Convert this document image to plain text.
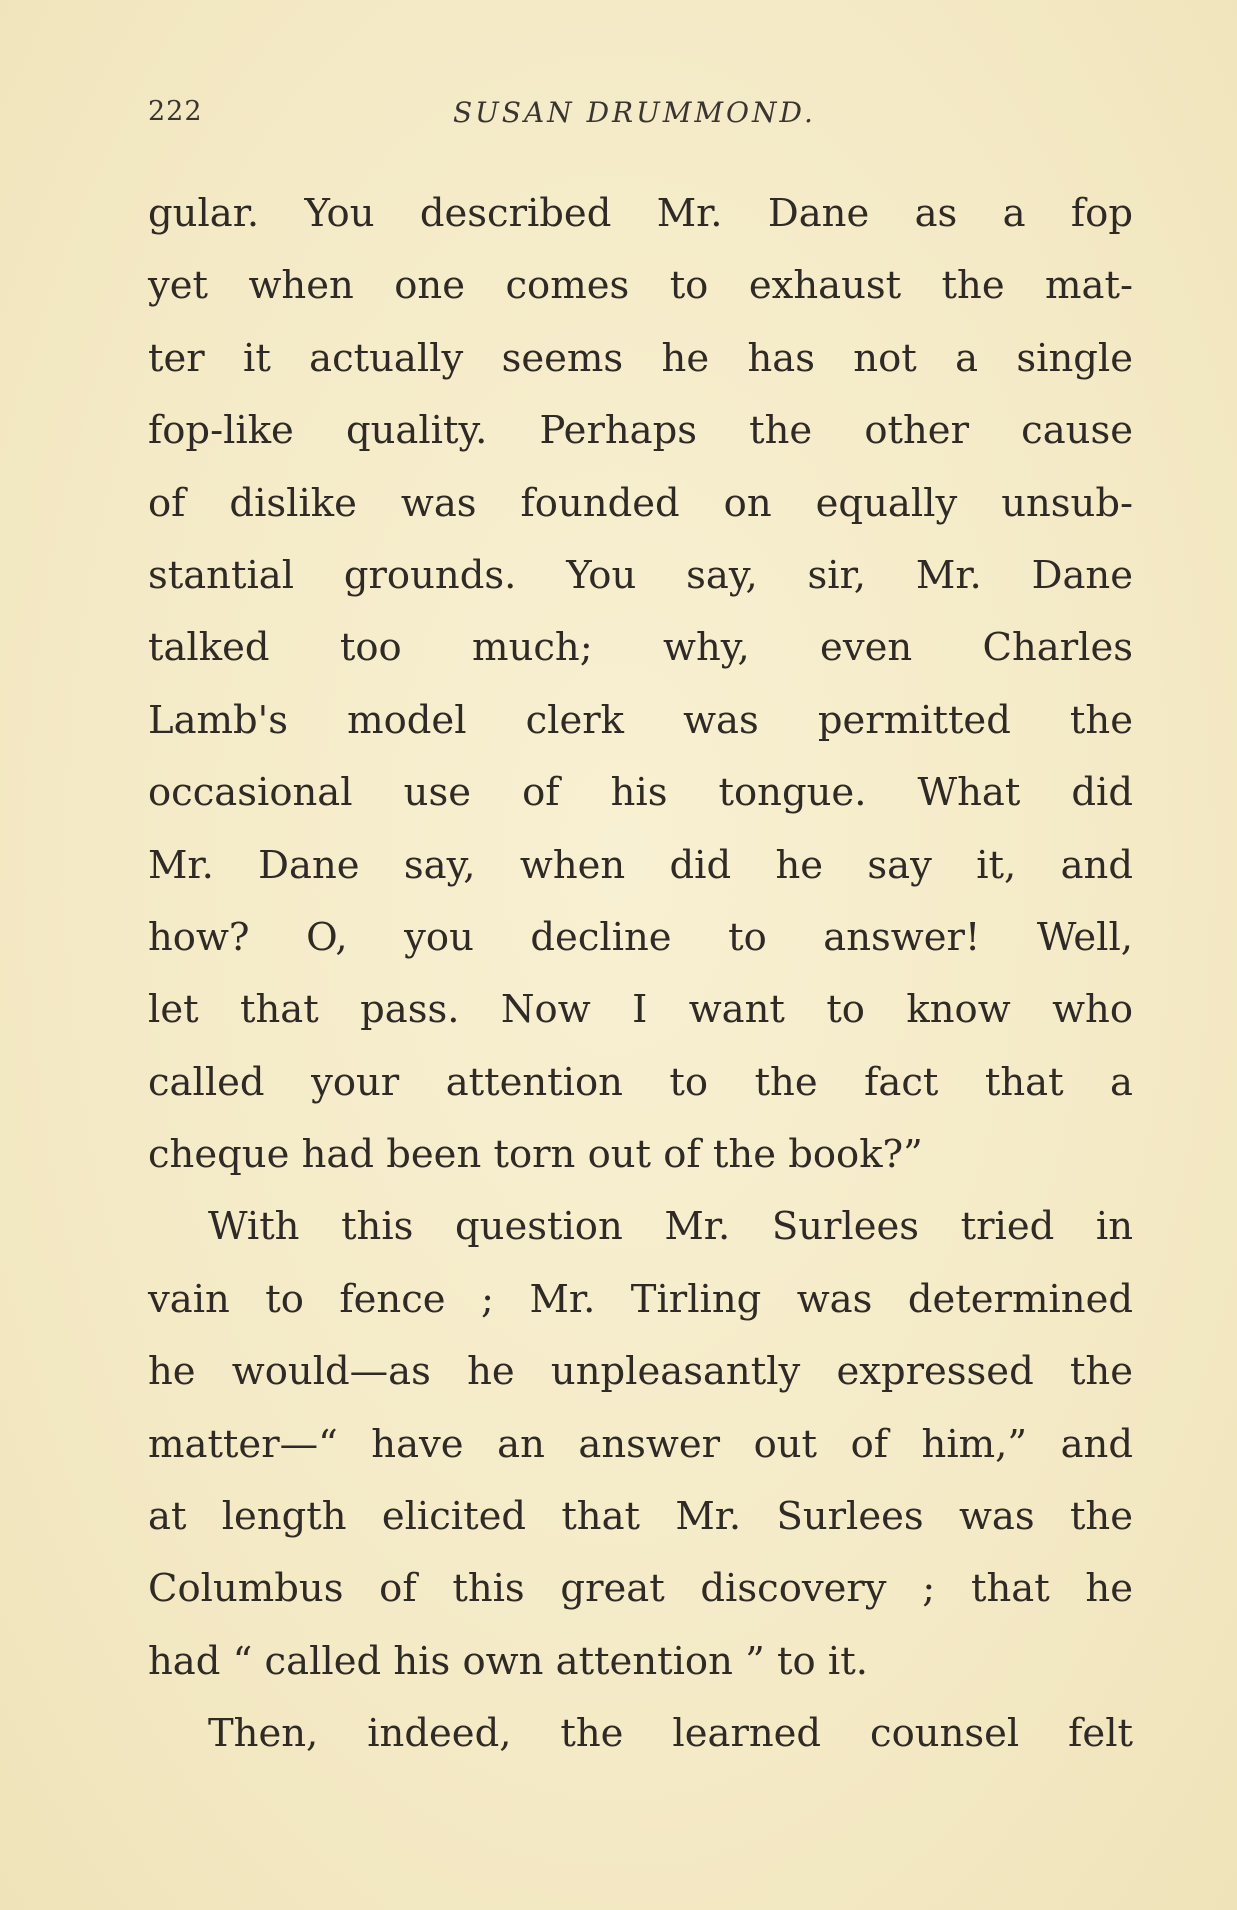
222	SUSAN DRUMMOND.
gular. You described Mr. Dane as a fop
yet when one comes to exhaust the mat-
ter it actually seems he has not a single
fop-like quality. Perhaps the other cause
of dislike was founded on equally unsub-
stantial grounds. You say, sir, Mr. Dane
talked too much; why, even Charles
Lamb's model clerk was permitted the
occasional use of his tongue. What did
Mr. Dane say, when did he say it, and
how? O, you decline to answer! Well,
let that pass. Now I want to know who
called your attention to the fact that a
cheque had been torn out of the book?”
With this question Mr. Surlees tried in
vain to fence ; Mr. Tirling was determined
he would—as he unpleasantly expressed the
matter—“ have an answer out of him,” and
at length elicited that Mr. Surlees was the
Columbus of this great discovery ; that he
had “ called his own attention ” to it.
Then, indeed, the learned counsel felt
